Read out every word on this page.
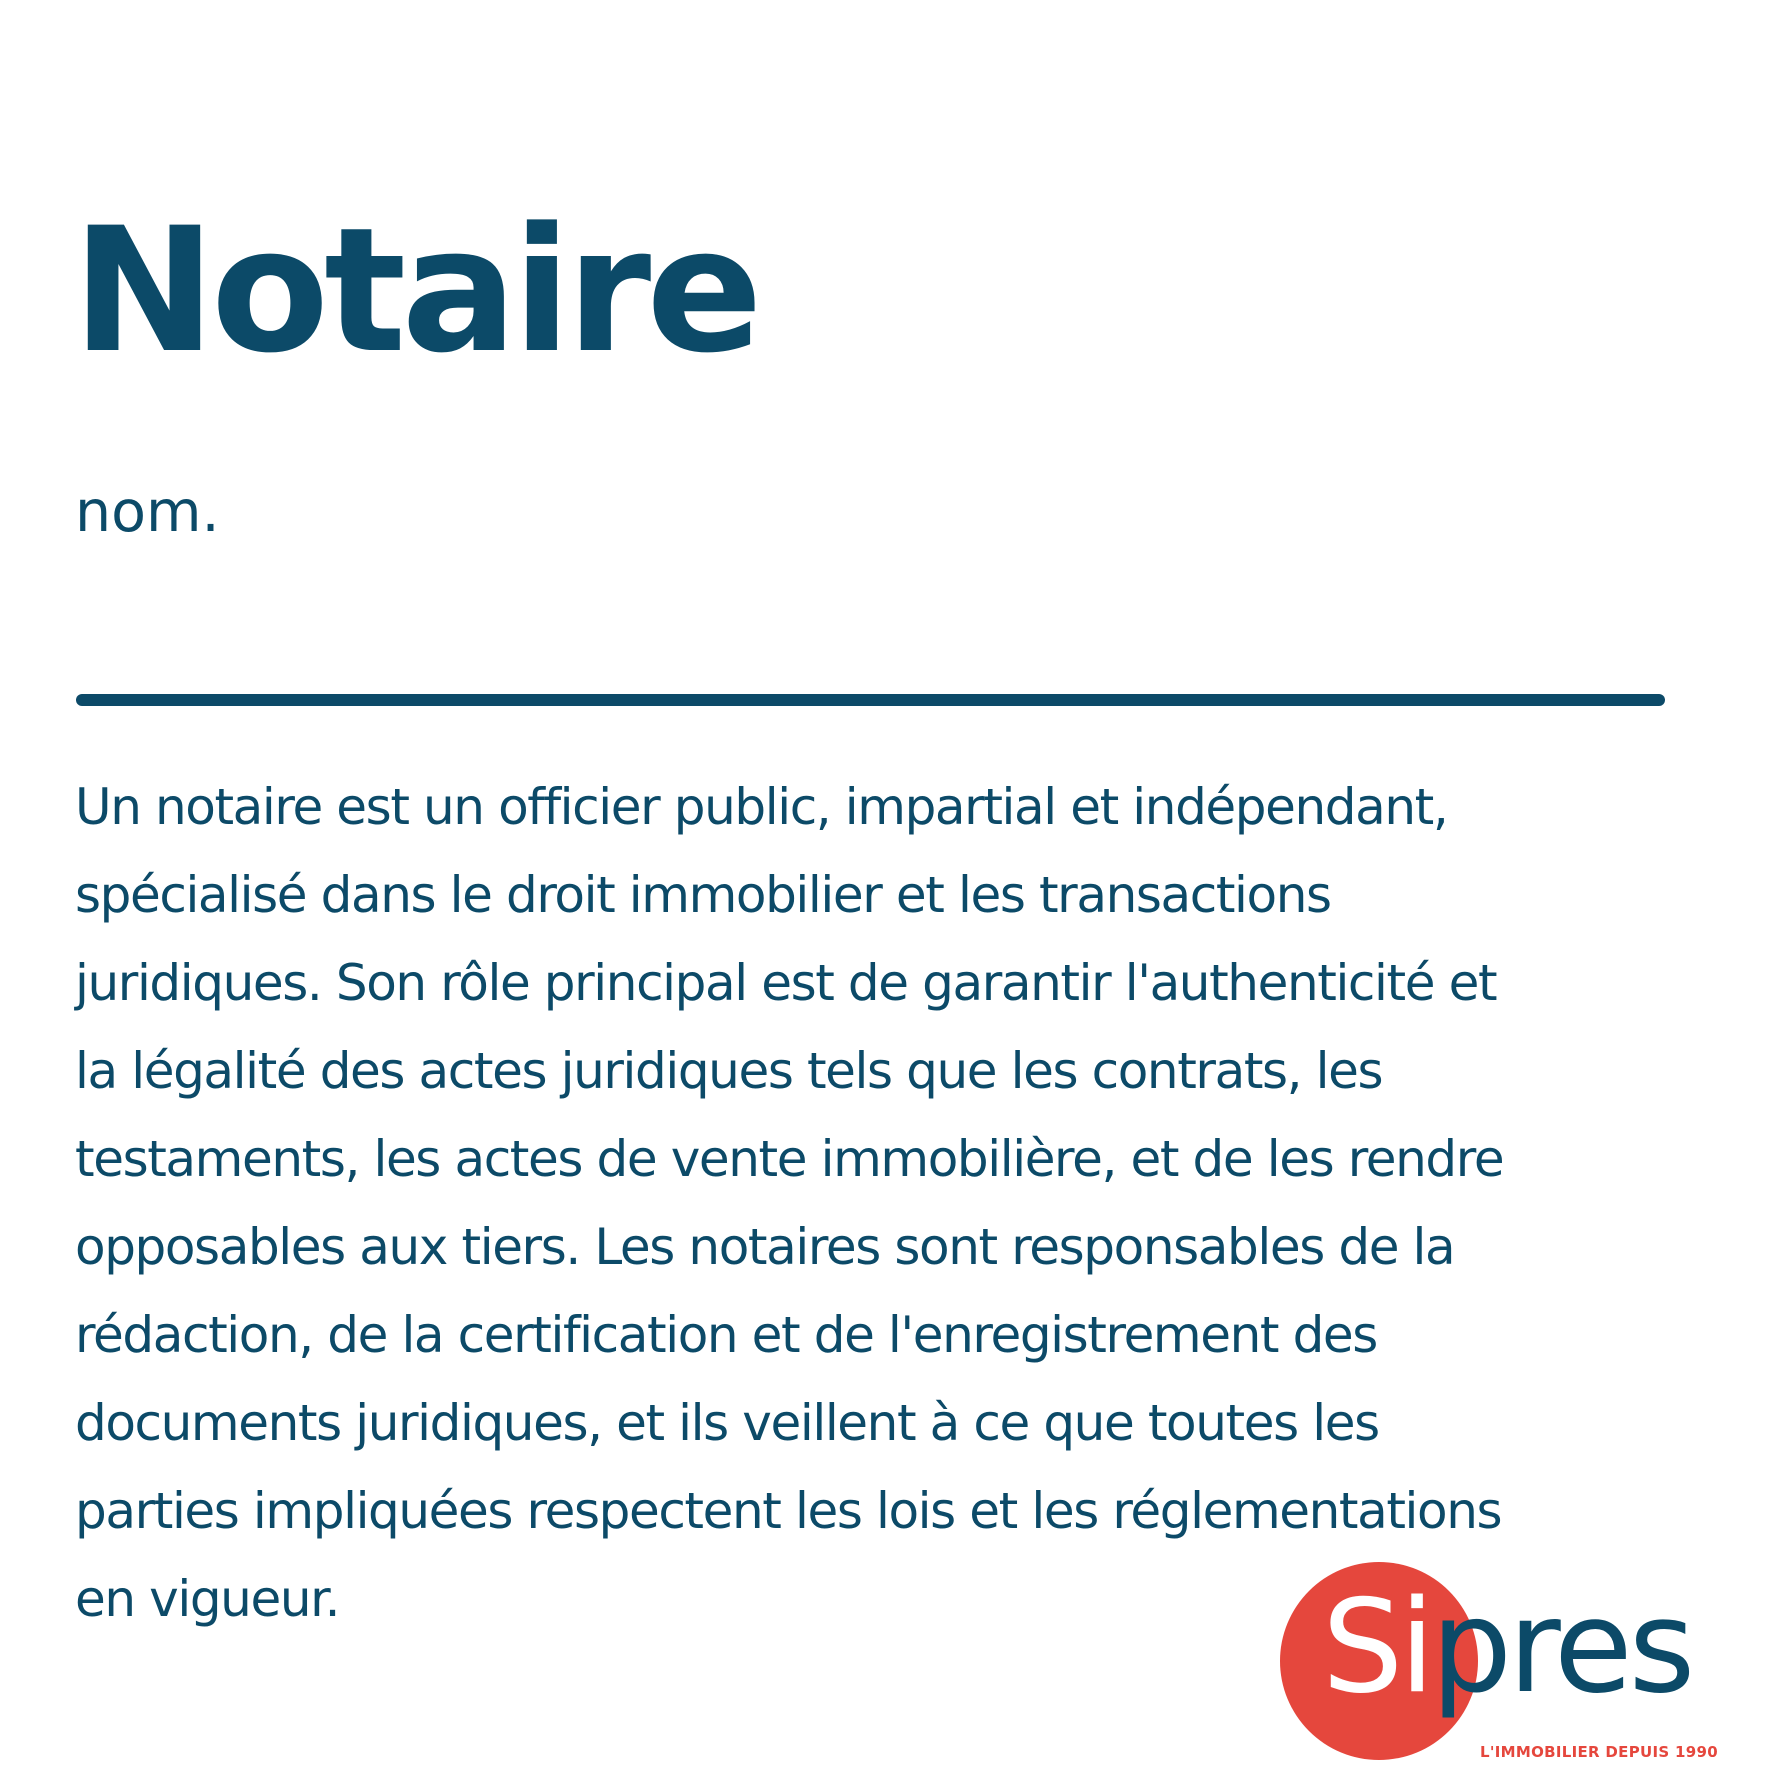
Notaire

nom.

Un notaire est un officier public, impartial et indépendant,
spécialisé dans le droit immobilier et les transactions
juridiques. Son rôle principal est de garantir l'authenticité et
la légalité des actes juridiques tels que les contrats, les
testaments, les actes de vente immobilière, et de les rendre
opposables aux tiers. Les notaires sont responsables de la
rédaction, de la certification et de l'enregistrement des
documents juridiques, et ils veillent à ce que toutes les
parties impliquées respectent les lois et les réglementations
en vigueur.	Sipres
L'IMMOBILIER DEPUIS 1990
